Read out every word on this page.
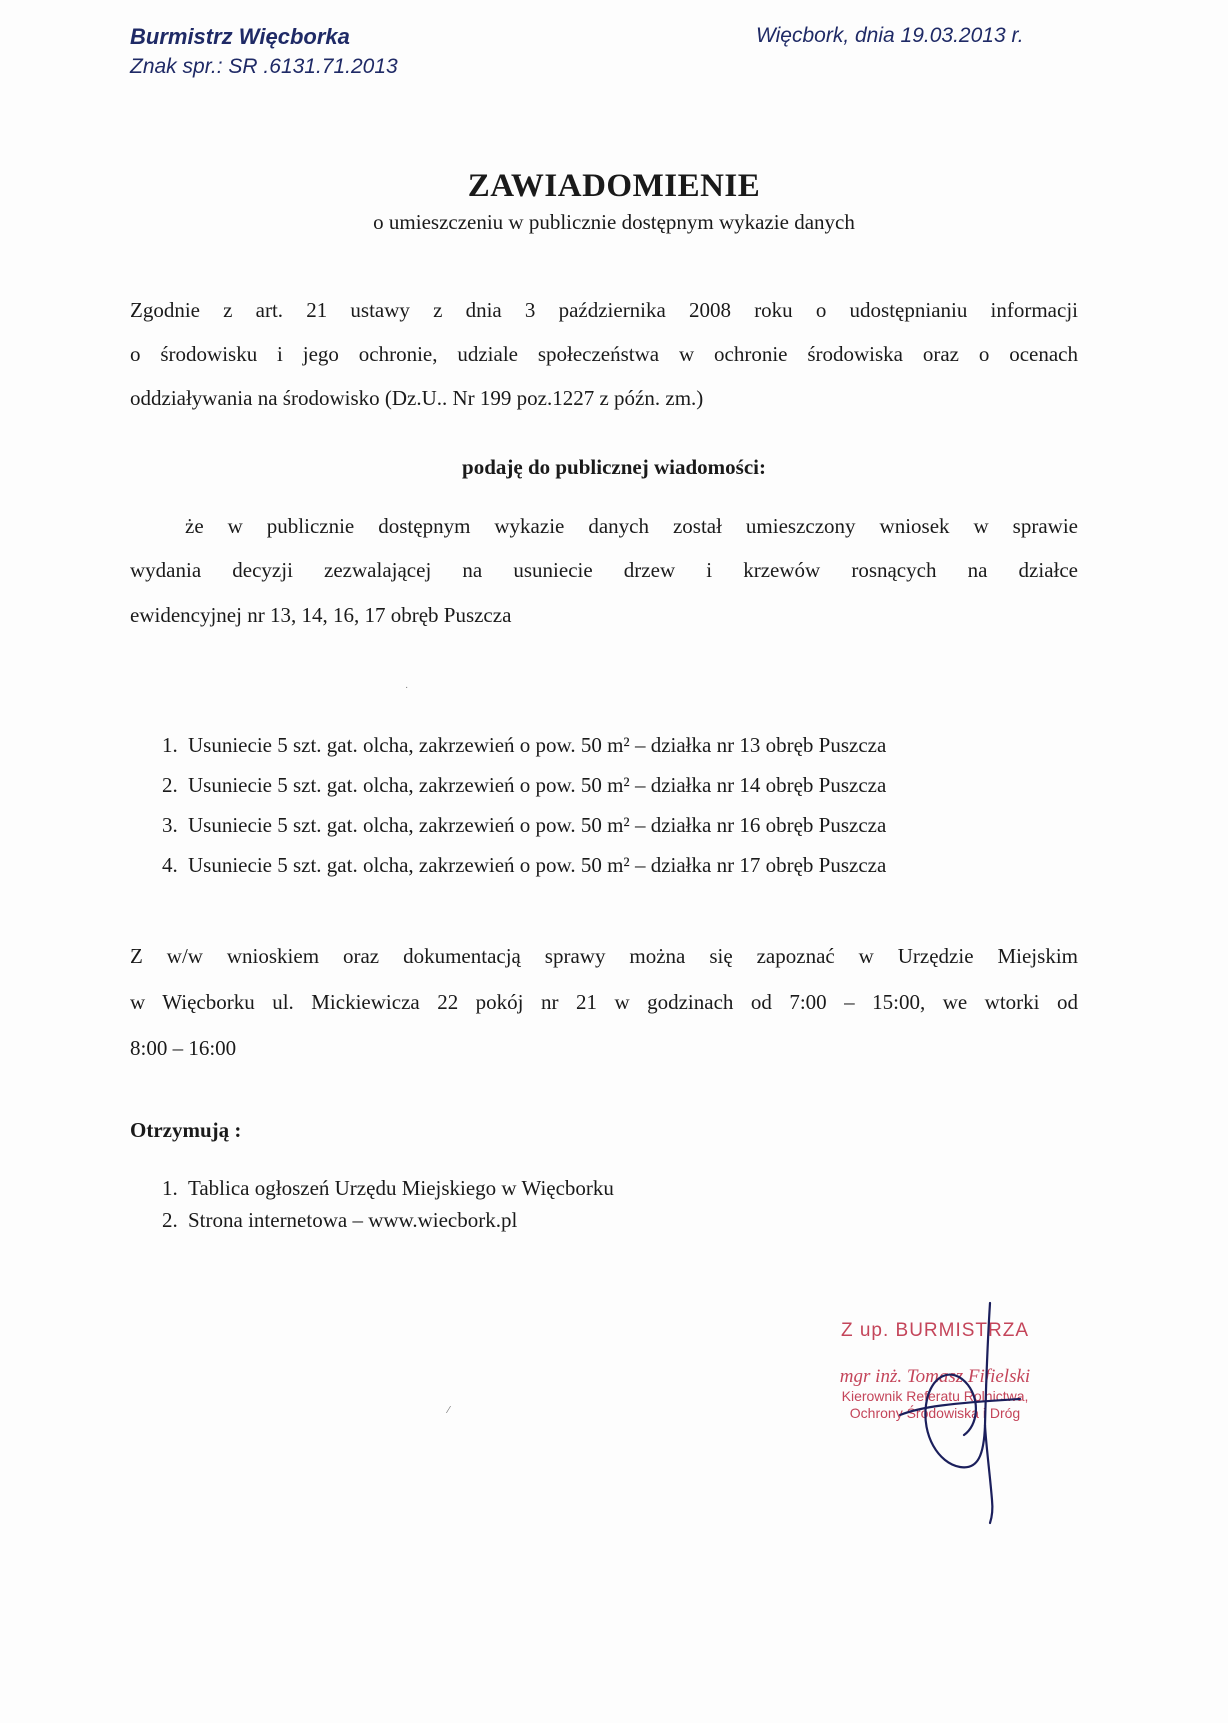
Burmistrz Więcborka
Znak spr.: SR .6131.71.2013
Więcbork, dnia 19.03.2013 r.
ZAWIADOMIENIE
o umieszczeniu w publicznie dostępnym wykazie danych
Zgodnie z art. 21 ustawy z dnia 3 października 2008 roku o udostępnianiu informacji
o środowisku i jego ochronie, udziale społeczeństwa w ochronie środowiska oraz o ocenach
oddziaływania na środowisko (Dz.U.. Nr 199 poz.1227 z późn. zm.)
podaję do publicznej wiadomości:
że w publicznie dostępnym wykazie danych został umieszczony wniosek w sprawie
wydania decyzji zezwalającej na usuniecie drzew i krzewów rosnących na działce
ewidencyjnej nr 13, 14, 16, 17 obręb Puszcza
1. Usuniecie 5 szt. gat. olcha, zakrzewień o pow. 50 m² – działka nr 13 obręb Puszcza
2. Usuniecie 5 szt. gat. olcha, zakrzewień o pow. 50 m² – działka nr 14 obręb Puszcza
3. Usuniecie 5 szt. gat. olcha, zakrzewień o pow. 50 m² – działka nr 16 obręb Puszcza
4. Usuniecie 5 szt. gat. olcha, zakrzewień o pow. 50 m² – działka nr 17 obręb Puszcza
Z w/w wnioskiem oraz dokumentacją sprawy można się zapoznać w Urzędzie Miejskim
w Więcborku ul. Mickiewicza 22 pokój nr 21 w godzinach od 7:00 – 15:00, we wtorki od
8:00 – 16:00
Otrzymują :
1. Tablica ogłoszeń Urzędu Miejskiego w Więcborku
2. Strona internetowa – www.wiecbork.pl
Z up. BURMISTRZA
mgr inż. Tomasz Fifielski
Kierownik Referatu Rolnictwa,
Ochrony Środowiska i Dróg
·
⁄
